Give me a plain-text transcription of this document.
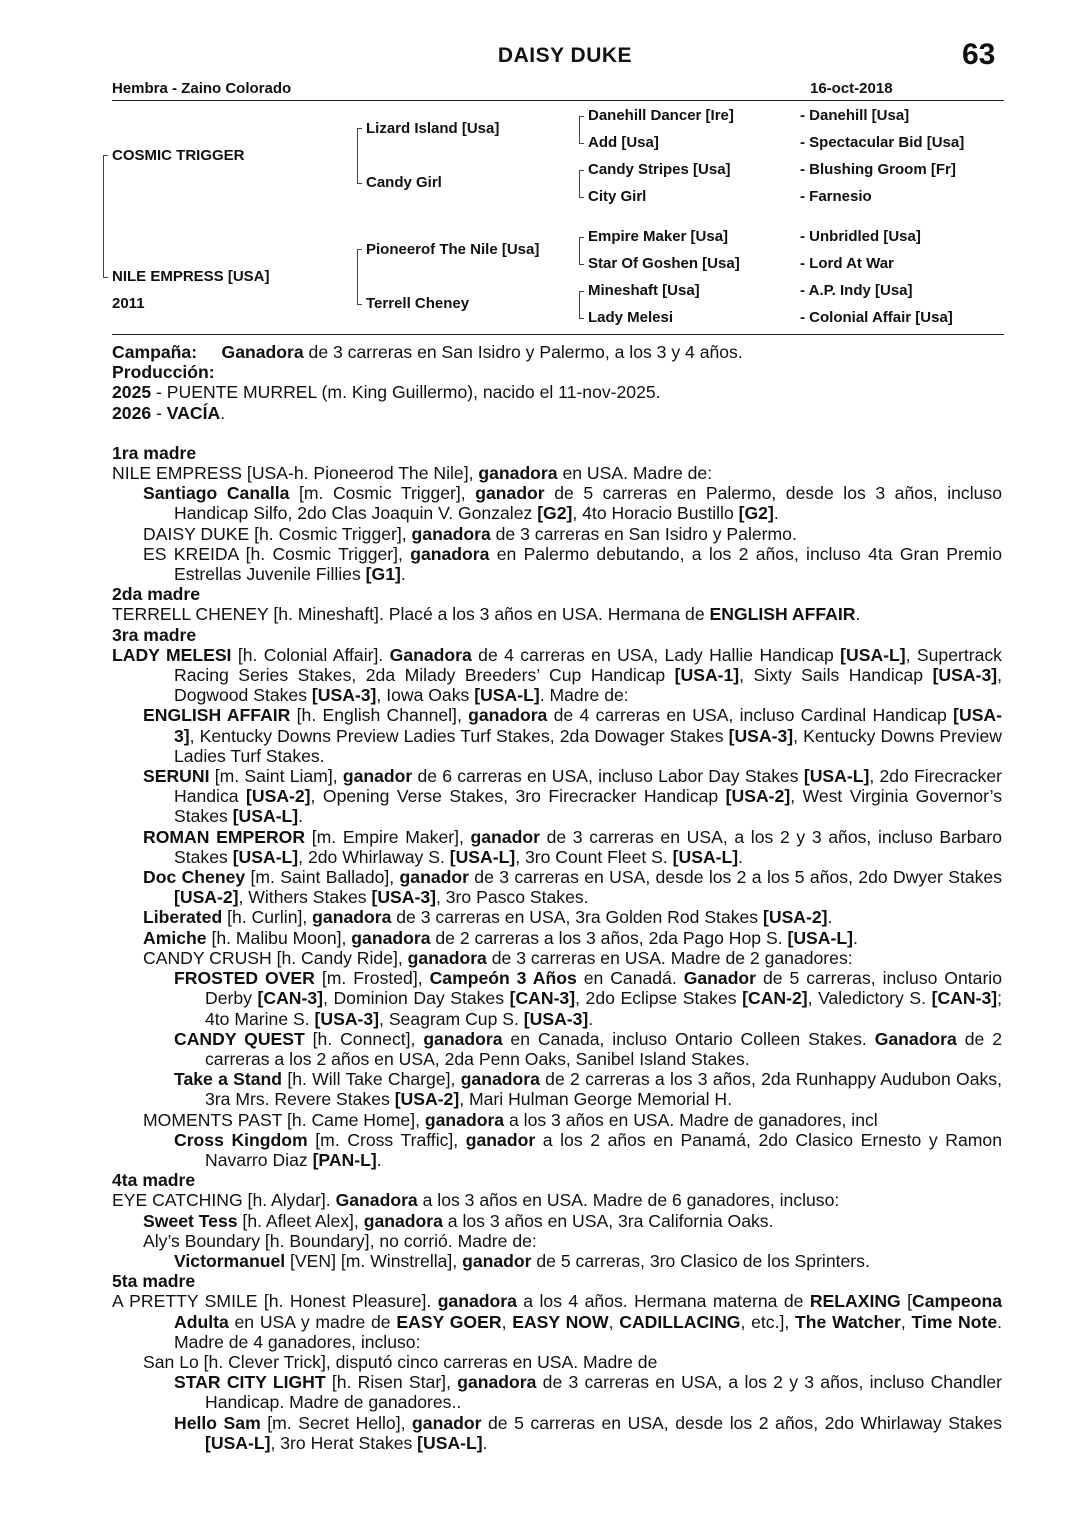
DAISY DUKE	63
Hembra - Zaino Colorado	16-oct-2018
COSMIC TRIGGER
NILE EMPRESS [USA]
2011
Lizard Island [Usa]
Candy Girl
Pioneerof The Nile [Usa]
Terrell Cheney
Danehill Dancer [Ire]
Add [Usa]
Candy Stripes [Usa]
City Girl
Empire Maker [Usa]
Star Of Goshen [Usa]
Mineshaft [Usa]
Lady Melesi
- Danehill [Usa]
- Spectacular Bid [Usa]
- Blushing Groom [Fr]
- Farnesio
- Unbridled [Usa]
- Lord At War
- A.P. Indy [Usa]
- Colonial Affair [Usa]

Campaña: Ganadora de 3 carreras en San Isidro y Palermo, a los 3 y 4 años.

Producción:

2025 - PUENTE MURREL (m. King Guillermo), nacido el 11-nov-2025.

2026 - VACÍA.

1ra madre

NILE EMPRESS [USA-h. Pioneerod The Nile], ganadora en USA. Madre de:

Santiago Canalla [m. Cosmic Trigger], ganador de 5 carreras en Palermo, desde los 3 años, incluso Handicap Silfo, 2do Clas Joaquin V. Gonzalez [G2], 4to Horacio Bustillo [G2].

DAISY DUKE [h. Cosmic Trigger], ganadora de 3 carreras en San Isidro y Palermo.

ES KREIDA [h. Cosmic Trigger], ganadora en Palermo debutando, a los 2 años, incluso 4ta Gran Premio Estrellas Juvenile Fillies [G1].

2da madre

TERRELL CHENEY [h. Mineshaft]. Placé a los 3 años en USA. Hermana de ENGLISH AFFAIR.

3ra madre

LADY MELESI [h. Colonial Affair]. Ganadora de 4 carreras en USA, Lady Hallie Handicap [USA-L], Supertrack Racing Series Stakes, 2da Milady Breeders’ Cup Handicap [USA-1], Sixty Sails Handicap [USA-3], Dogwood Stakes [USA-3], Iowa Oaks [USA-L]. Madre de:

ENGLISH AFFAIR [h. English Channel], ganadora de 4 carreras en USA, incluso Cardinal Handicap [USA-3], Kentucky Downs Preview Ladies Turf Stakes, 2da Dowager Stakes [USA-3], Kentucky Downs Preview Ladies Turf Stakes.

SERUNI [m. Saint Liam], ganador de 6 carreras en USA, incluso Labor Day Stakes [USA-L], 2do Firecracker Handica [USA-2], Opening Verse Stakes, 3ro Firecracker Handicap [USA-2], West Virginia Governor’s Stakes [USA-L].

ROMAN EMPEROR [m. Empire Maker], ganador de 3 carreras en USA, a los 2 y 3 años, incluso Barbaro Stakes [USA-L], 2do Whirlaway S. [USA-L], 3ro Count Fleet S. [USA-L].

Doc Cheney [m. Saint Ballado], ganador de 3 carreras en USA, desde los 2 a los 5 años, 2do Dwyer Stakes [USA-2], Withers Stakes [USA-3], 3ro Pasco Stakes.

Liberated [h. Curlin], ganadora de 3 carreras en USA, 3ra Golden Rod Stakes [USA-2].

Amiche [h. Malibu Moon], ganadora de 2 carreras a los 3 años, 2da Pago Hop S. [USA-L].

CANDY CRUSH [h. Candy Ride], ganadora de 3 carreras en USA. Madre de 2 ganadores:

FROSTED OVER [m. Frosted], Campeón 3 Años en Canadá. Ganador de 5 carreras, incluso Ontario Derby [CAN-3], Dominion Day Stakes [CAN-3], 2do Eclipse Stakes [CAN-2], Valedictory S. [CAN-3]; 4to Marine S. [USA-3], Seagram Cup S. [USA-3].

CANDY QUEST [h. Connect], ganadora en Canada, incluso Ontario Colleen Stakes. Ganadora de 2 carreras a los 2 años en USA, 2da Penn Oaks, Sanibel Island Stakes.

Take a Stand [h. Will Take Charge], ganadora de 2 carreras a los 3 años, 2da Runhappy Audubon Oaks, 3ra Mrs. Revere Stakes [USA-2], Mari Hulman George Memorial H.

MOMENTS PAST [h. Came Home], ganadora a los 3 años en USA. Madre de ganadores, incl

Cross Kingdom [m. Cross Traffic], ganador a los 2 años en Panamá, 2do Clasico Ernesto y Ramon Navarro Diaz [PAN-L].

4ta madre

EYE CATCHING [h. Alydar]. Ganadora a los 3 años en USA. Madre de 6 ganadores, incluso:

Sweet Tess [h. Afleet Alex], ganadora a los 3 años en USA, 3ra California Oaks.

Aly’s Boundary [h. Boundary], no corrió. Madre de:

Victormanuel [VEN] [m. Winstrella], ganador de 5 carreras, 3ro Clasico de los Sprinters.

5ta madre

A PRETTY SMILE [h. Honest Pleasure]. ganadora a los 4 años. Hermana materna de RELAXING [Campeona Adulta en USA y madre de EASY GOER, EASY NOW, CADILLACING, etc.], The Watcher, Time Note. Madre de 4 ganadores, incluso:

San Lo [h. Clever Trick], disputó cinco carreras en USA. Madre de

STAR CITY LIGHT [h. Risen Star], ganadora de 3 carreras en USA, a los 2 y 3 años, incluso Chandler Handicap. Madre de ganadores..

Hello Sam [m. Secret Hello], ganador de 5 carreras en USA, desde los 2 años, 2do Whirlaway Stakes [USA-L], 3ro Herat Stakes [USA-L].
